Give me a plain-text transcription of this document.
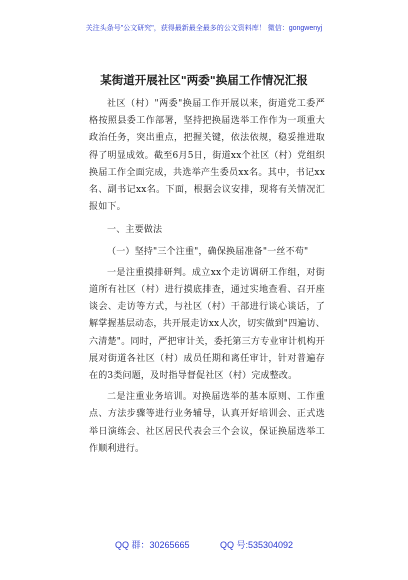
关注头条号"公文研究"，获得最新最全最多的公文资料库！ 微信：gongwenyj
某街道开展社区"两委"换届工作情况汇报

社区（村）"两委"换届工作开展以来，街道党工委严格按照县委工作部署，坚持把换届选举工作作为一项重大政治任务，突出重点，把握关键，依法依规，稳妥推进取得了明显成效。截至6月5日，街道xx个社区（村）党组织换届工作全面完成，共选举产生委员xx名。其中，书记xx名、副书记xx名。下面，根据会议安排，现将有关情况汇报如下。

一、主要做法

（一）坚持"三个注重"，确保换届准备"一丝不苟"

一是注重摸排研判。成立xx个走访调研工作组，对街道所有社区（村）进行摸底排查，通过实地查看、召开座谈会、走访等方式，与社区（村）干部进行谈心谈话，了解掌握基层动态，共开展走访xx人次，切实做到"四遍访、六清楚"。同时，严把审计关，委托第三方专业审计机构开展对街道各社区（村）成员任期和离任审计，针对普遍存在的3类问题，及时指导督促社区（村）完成整改。

二是注重业务培训。对换届选举的基本原则、工作重点、方法步骤等进行业务辅导，认真开好培训会、正式选举日演练会、社区居民代表会三个会议，保证换届选举工作顺利进行。

QQ 群：30265665	QQ 号:535304092
